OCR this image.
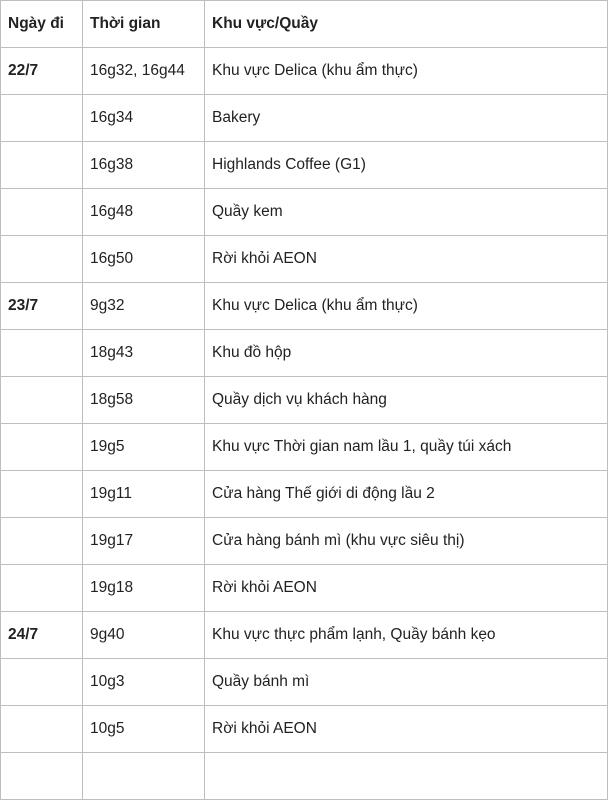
Ngày đi	Thời gian	Khu vực/Quầy
22/7	16g32, 16g44	Khu vực Delica (khu ẩm thực)
	16g34	Bakery
	16g38	Highlands Coffee (G1)
	16g48	Quầy kem
	16g50	Rời khỏi AEON
23/7	9g32	Khu vực Delica (khu ẩm thực)
	18g43	Khu đồ hộp
	18g58	Quầy dịch vụ khách hàng
	19g5	Khu vực Thời gian nam lầu 1, quầy túi xách
	19g11	Cửa hàng Thế giới di động lầu 2
	19g17	Cửa hàng bánh mì (khu vực siêu thị)
	19g18	Rời khỏi AEON
24/7	9g40	Khu vực thực phẩm lạnh, Quầy bánh kẹo
	10g3	Quầy bánh mì
	10g5	Rời khỏi AEON
